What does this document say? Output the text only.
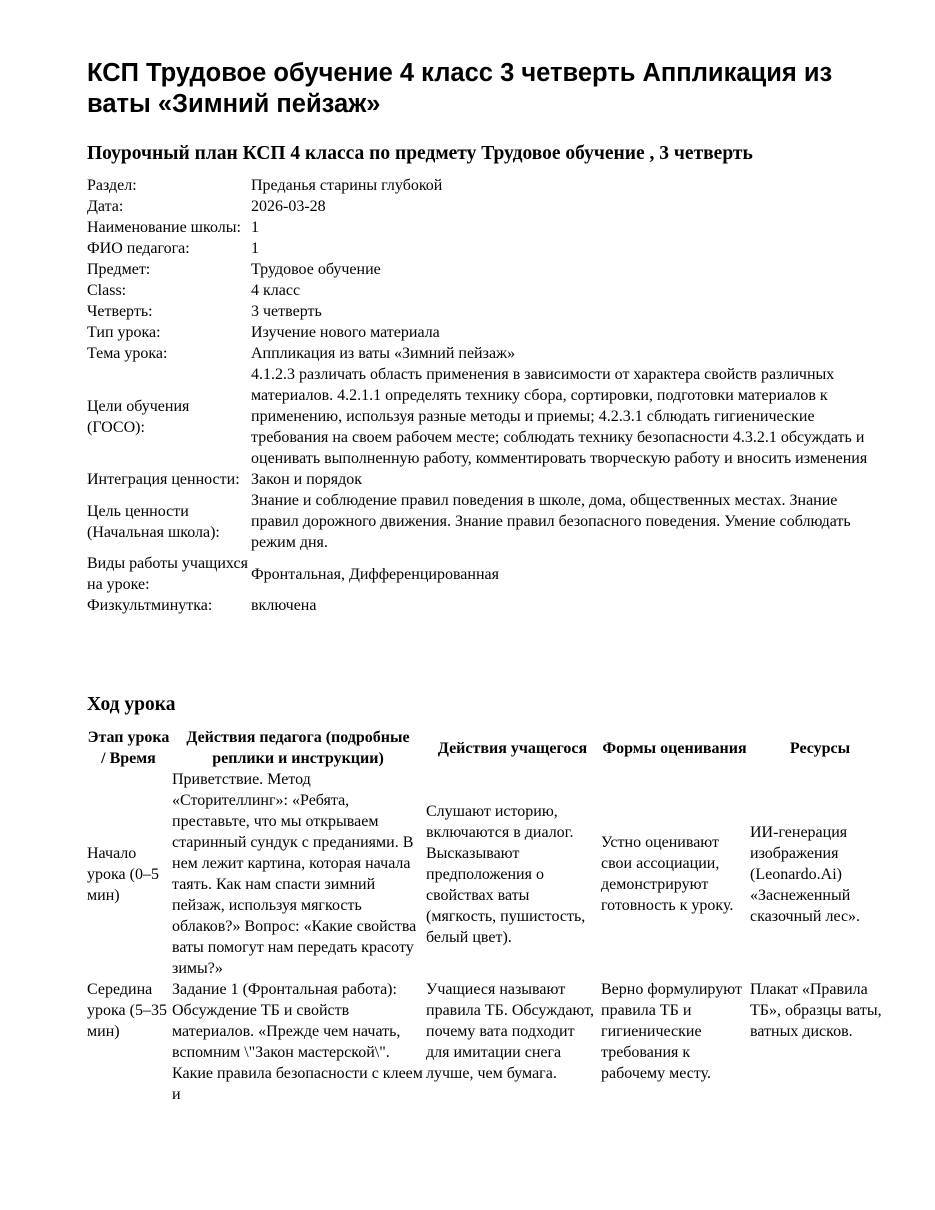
КСП Трудовое обучение 4 класс 3 четверть Аппликация из ваты «Зимний пейзаж»
Поурочный план КСП 4 класса по предмету Трудовое обучение , 3 четверть
Раздел:	Преданья старины глубокой
Дата:	2026-03-28
Наименование школы:	1
ФИО педагога:	1
Предмет:	Трудовое обучение
Class:	4 класс
Четверть:	3 четверть
Тип урока:	Изучение нового материала
Тема урока:	Аппликация из ваты «Зимний пейзаж»
Цели обучения (ГОСО):	4.1.2.3 различать область применения в зависимости от характера свойств различных материалов. 4.2.1.1 определять технику сбора, сортировки, подготовки материалов к применению, используя разные методы и приемы; 4.2.3.1 сблюдать гигиенические требования на своем рабочем месте; соблюдать технику безопасности 4.3.2.1 обсуждать и оценивать выполненную работу, комментировать творческую работу и вносить изменения
Интеграция ценности:	Закон и порядок
Цель ценности (Начальная школа):	Знание и соблюдение правил поведения в школе, дома, общественных местах. Знание правил дорожного движения. Знание правил безопасного поведения. Умение соблюдать режим дня.
Виды работы учащихся на уроке:	Фронтальная, Дифференцированная
Физкультминутка:	включена
Ход урока
Этап урока / Время	Действия педагога (подробные реплики и инструкции)	Действия учащегося	Формы оценивания	Ресурсы
Начало урока (0–5 мин)	Приветствие. Метод «Сторителлинг»: «Ребята, преставьте, что мы открываем старинный сундук с преданиями. В нем лежит картина, которая начала таять. Как нам спасти зимний пейзаж, используя мягкость облаков?» Вопрос: «Какие свойства ваты помогут нам передать красоту зимы?»	Слушают историю, включаются в диалог. Высказывают предположения о свойствах ваты (мягкость, пушистость, белый цвет).	Устно оценивают свои ассоциации, демонстрируют готовность к уроку.	ИИ-генерация изображения (Leonardo.Ai) «Заснеженный сказочный лес».
Середина урока (5–35 мин)	Задание 1 (Фронтальная работа): Обсуждение ТБ и свойств материалов. «Прежде чем начать, вспомним \"Закон мастерской\". Какие правила безопасности с клеем и	Учащиеся называют правила ТБ. Обсуждают, почему вата подходит для имитации снега лучше, чем бумага.	Верно формулируют правила ТБ и гигиенические требования к рабочему месту.	Плакат «Правила ТБ», образцы ваты, ватных дисков.
